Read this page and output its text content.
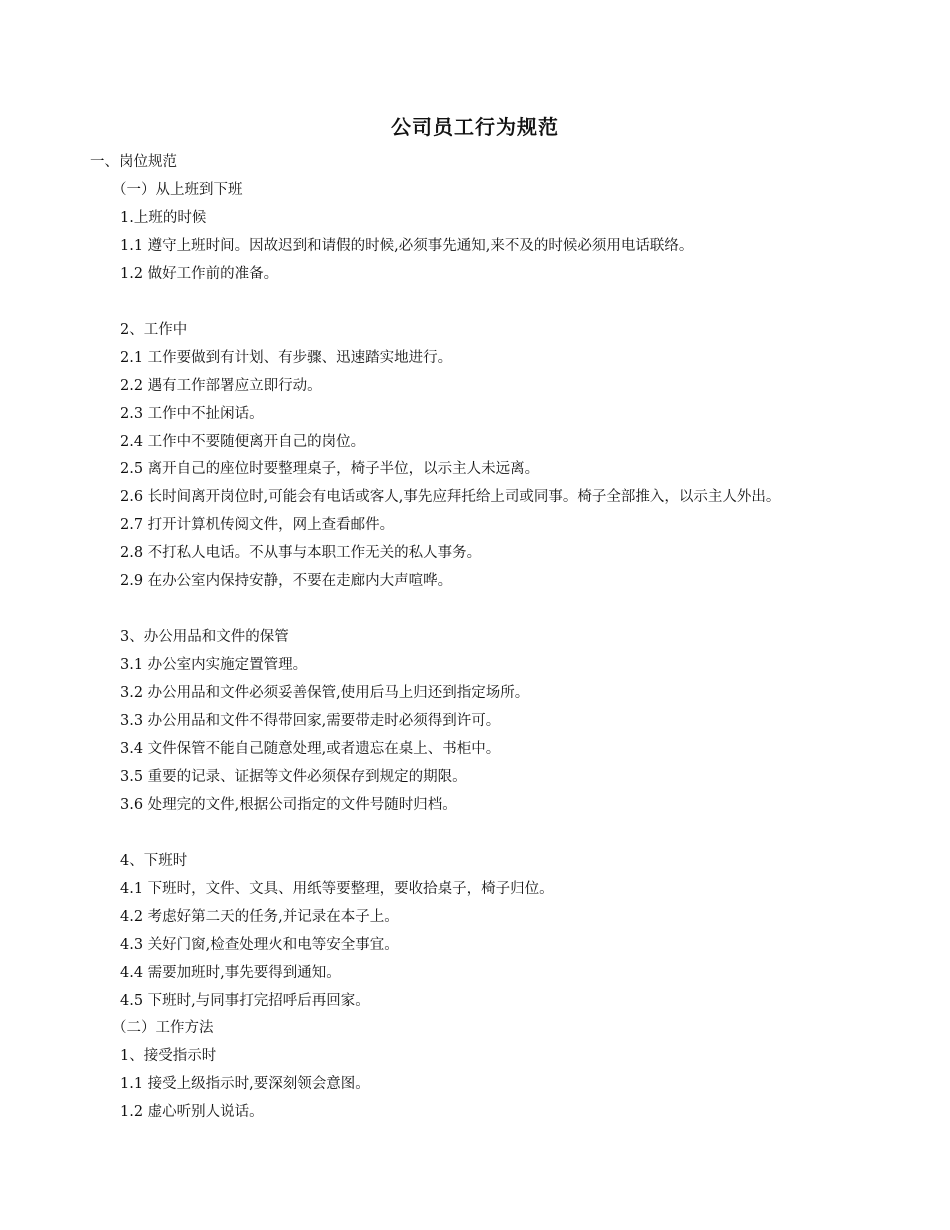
公司员工行为规范
一、岗位规范
（一）从上班到下班
1.上班的时候
1.1 遵守上班时间。因故迟到和请假的时候,必须事先通知,来不及的时候必须用电话联络。
1.2 做好工作前的准备。
2、工作中
2.1 工作要做到有计划、有步骤、迅速踏实地进行。
2.2 遇有工作部署应立即行动。
2.3 工作中不扯闲话。
2.4 工作中不要随便离开自己的岗位。
2.5 离开自己的座位时要整理桌子，椅子半位，以示主人未远离。
2.6 长时间离开岗位时,可能会有电话或客人,事先应拜托给上司或同事。椅子全部推入，以示主人外出。
2.7 打开计算机传阅文件，网上查看邮件。
2.8 不打私人电话。不从事与本职工作无关的私人事务。
2.9 在办公室内保持安静，不要在走廊内大声喧哗。
3、办公用品和文件的保管
3.1 办公室内实施定置管理。
3.2 办公用品和文件必须妥善保管,使用后马上归还到指定场所。
3.3 办公用品和文件不得带回家,需要带走时必须得到许可。
3.4 文件保管不能自己随意处理,或者遗忘在桌上、书柜中。
3.5 重要的记录、证据等文件必须保存到规定的期限。
3.6 处理完的文件,根据公司指定的文件号随时归档。
4、下班时
4.1 下班时，文件、文具、用纸等要整理，要收拾桌子，椅子归位。
4.2 考虑好第二天的任务,并记录在本子上。
4.3 关好门窗,检查处理火和电等安全事宜。
4.4 需要加班时,事先要得到通知。
4.5 下班时,与同事打完招呼后再回家。
（二）工作方法
1、接受指示时
1.1 接受上级指示时,要深刻领会意图。
1.2 虚心听别人说话。
